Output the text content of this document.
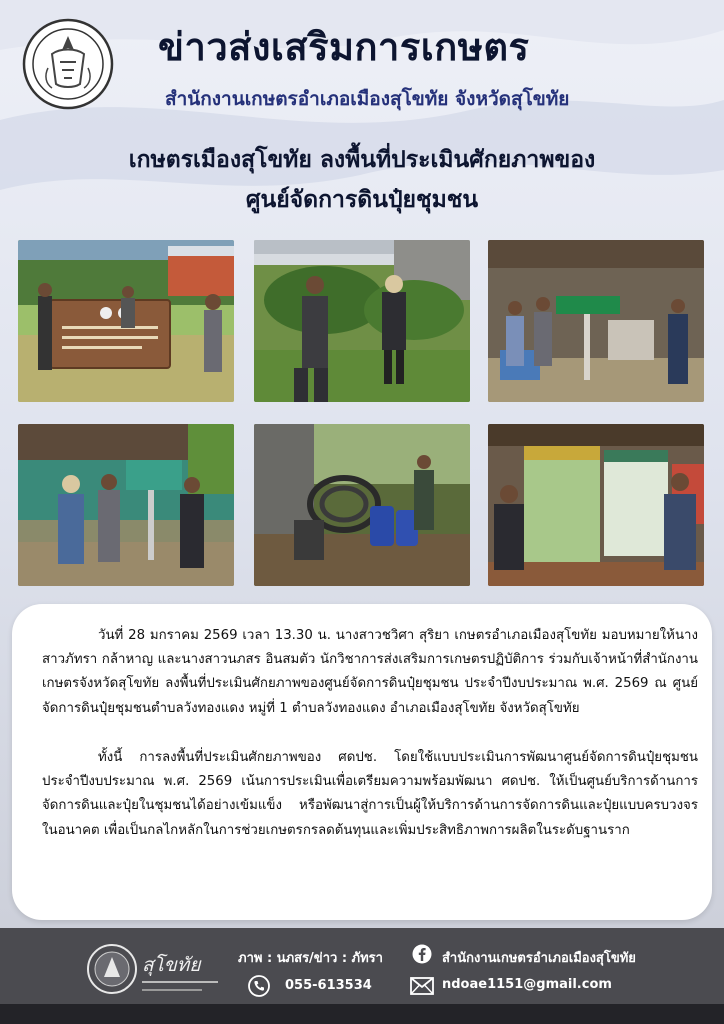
ข่าวส่งเสริมการเกษตร
สำนักงานเกษตรอำเภอเมืองสุโขทัย จังหวัดสุโขทัย
เกษตรเมืองสุโขทัย ลงพื้นที่ประเมินศักยภาพของ
ศูนย์จัดการดินปุ๋ยชุมชน

วันที่ 28 มกราคม 2569 เวลา 13.30 น. นางสาวชวิศา สุริยา เกษตรอำเภอเมืองสุโขทัย มอบหมายให้นางสาวภัทรา กล้าหาญ และนางสาวนภสร อินสมตัว นักวิชาการส่งเสริมการเกษตรปฏิบัติการ ร่วมกับเจ้าหน้าที่สำนักงานเกษตรจังหวัดสุโขทัย ลงพื้นที่ประเมินศักยภาพของศูนย์จัดการดินปุ๋ยชุมชน ประจำปีงบประมาณ พ.ศ. 2569 ณ ศูนย์จัดการดินปุ๋ยชุมชนตำบลวังทองแดง หมู่ที่ 1 ตำบลวังทองแดง อำเภอเมืองสุโขทัย จังหวัดสุโขทัย

ทั้งนี้ การลงพื้นที่ประเมินศักยภาพของ ศดปช. โดยใช้แบบประเมินการพัฒนาศูนย์จัดการดินปุ๋ยชุมชน ประจำปีงบประมาณ พ.ศ. 2569 เน้นการประเมินเพื่อเตรียมความพร้อมพัฒนา ศดปช. ให้เป็นศูนย์บริการด้านการจัดการดินและปุ๋ยในชุมชนได้อย่างเข้มแข็ง หรือพัฒนาสู่การเป็นผู้ให้บริการด้านการจัดการดินและปุ๋ยแบบครบวงจรในอนาคต เพื่อเป็นกลไกหลักในการช่วยเกษตรกรลดต้นทุนและเพิ่มประสิทธิภาพการผลิตในระดับฐานราก

สุโขทัย	ภาพ : นภสร/ข่าว : ภัทรา	สำนักงานเกษตรอำเภอเมืองสุโขทัย
055-613534	ndoae1151@gmail.com
